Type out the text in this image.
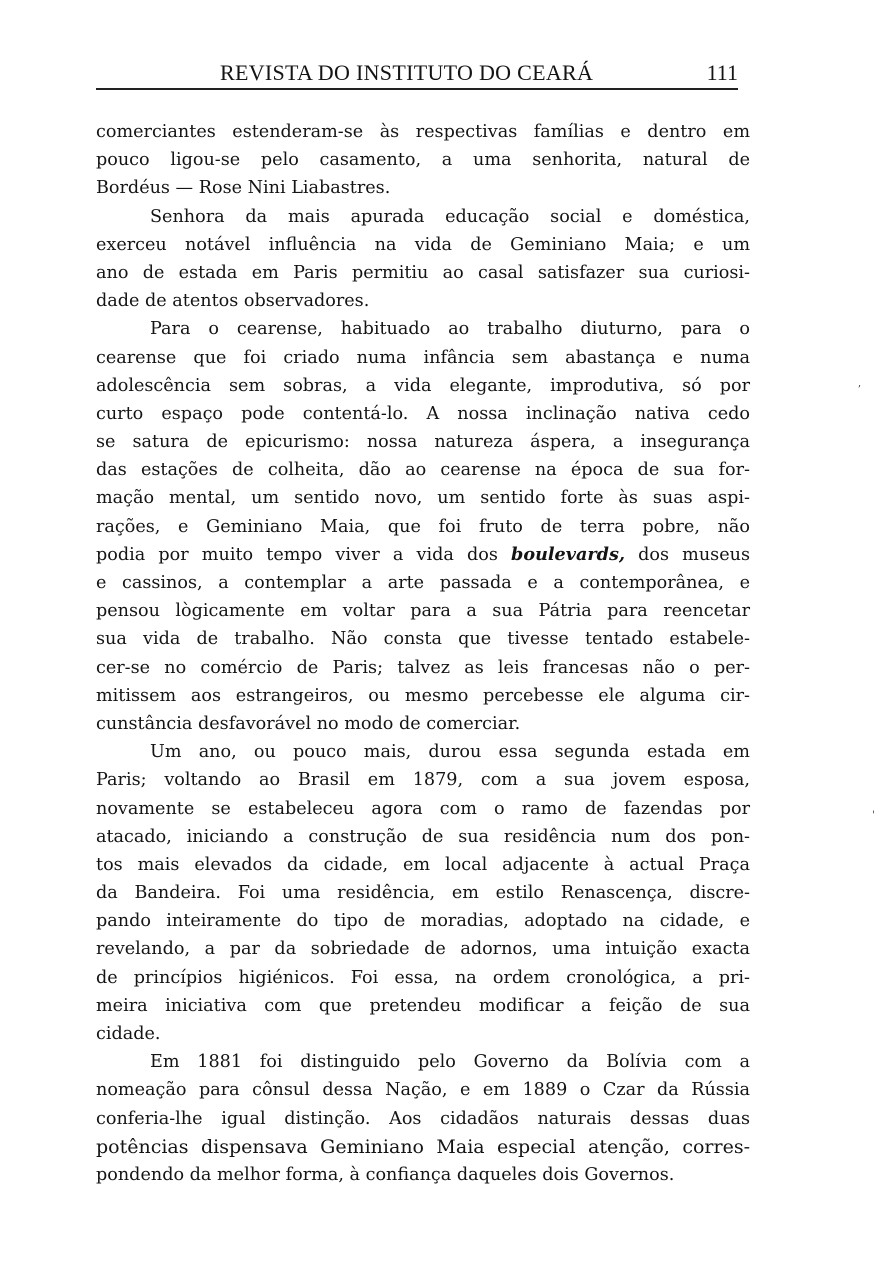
REVISTA DO INSTITUTO DO CEARÁ	111
comerciantes estenderam-se às respectivas famílias e dentro em
pouco ligou-se pelo casamento, a uma senhorita, natural de
Bordéus — Rose Nini Liabastres.
Senhora da mais apurada educação social e doméstica,
exerceu notável influência na vida de Geminiano Maia; e um
ano de estada em Paris permitiu ao casal satisfazer sua curiosi-
dade de atentos observadores.
Para o cearense, habituado ao trabalho diuturno, para o
cearense que foi criado numa infância sem abastança e numa
adolescência sem sobras, a vida elegante, improdutiva, só por
curto espaço pode contentá-lo. A nossa inclinação nativa cedo
se satura de epicurismo: nossa natureza áspera, a insegurança
das estações de colheita, dão ao cearense na época de sua for-
mação mental, um sentido novo, um sentido forte às suas aspi-
rações, e Geminiano Maia, que foi fruto de terra pobre, não
podia por muito tempo viver a vida dos boulevards, dos museus
e cassinos, a contemplar a arte passada e a contemporânea, e
pensou lògicamente em voltar para a sua Pátria para reencetar
sua vida de trabalho. Não consta que tivesse tentado estabele-
cer-se no comércio de Paris; talvez as leis francesas não o per-
mitissem aos estrangeiros, ou mesmo percebesse ele alguma cir-
cunstância desfavorável no modo de comerciar.
Um ano, ou pouco mais, durou essa segunda estada em
Paris; voltando ao Brasil em 1879, com a sua jovem esposa,
novamente se estabeleceu agora com o ramo de fazendas por
atacado, iniciando a construção de sua residência num dos pon-
tos mais elevados da cidade, em local adjacente à actual Praça
da Bandeira. Foi uma residência, em estilo Renascença, discre-
pando inteiramente do tipo de moradias, adoptado na cidade, e
revelando, a par da sobriedade de adornos, uma intuição exacta
de princípios higiénicos. Foi essa, na ordem cronológica, a pri-
meira iniciativa com que pretendeu modificar a feição de sua
cidade.
Em 1881 foi distinguido pelo Governo da Bolívia com a
nomeação para cônsul dessa Nação, e em 1889 o Czar da Rússia
conferia-lhe igual distinção. Aos cidadãos naturais dessas duas
potências dispensava Geminiano Maia especial atenção, corres-
pondendo da melhor forma, à confiança daqueles dois Governos.
,
'
